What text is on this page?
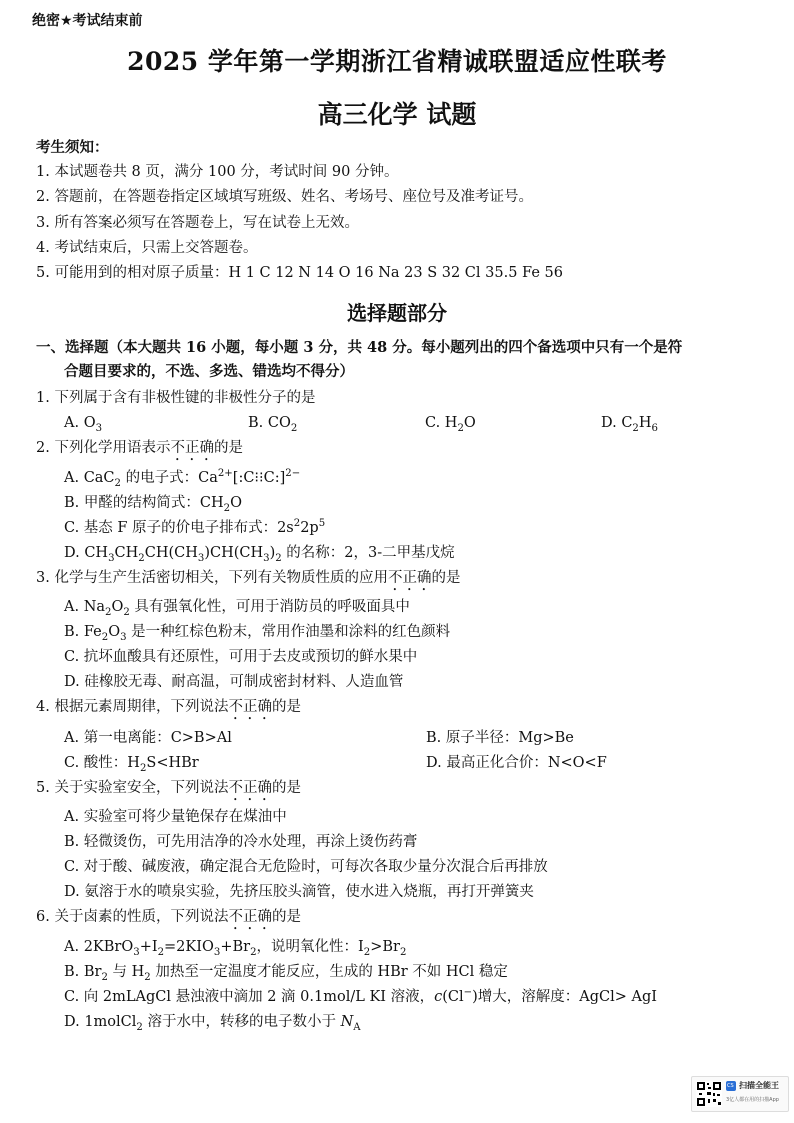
绝密★考试结束前
2025 学年第一学期浙江省精诚联盟适应性联考
高三化学 试题
考生须知：
1. 本试题卷共 8 页，满分 100 分，考试时间 90 分钟。
2. 答题前，在答题卷指定区域填写班级、姓名、考场号、座位号及准考证号。
3. 所有答案必须写在答题卷上，写在试卷上无效。
4. 考试结束后，只需上交答题卷。
5. 可能用到的相对原子质量：H 1 C 12 N 14 O 16 Na 23 S 32 Cl 35.5 Fe 56
选择题部分
一、选择题（本大题共 16 小题，每小题 3 分，共 48 分。每小题列出的四个备选项中只有一个是符
合题目要求的，不选、多选、错选均不得分）
1. 下列属于含有非极性键的非极性分子的是
A. $O_3$	B. $CO_2$	C. $H_2O$	D. $C_2H_6$
2. 下列化学用语表示不正确的是
A. CaC$_2$ 的电子式：$Ca^{2+}[:C⁝⁝C:]^{2-}$
B. 甲醛的结构简式：$CH_2O$
C. 基态 F 原子的价电子排布式：$2s^22p^5$
D. $CH_3CH_2CH(CH_3)CH(CH_3)_2$ 的名称：2，3-二甲基戊烷
3. 化学与生产生活密切相关，下列有关物质性质的应用不正确的是
A. $Na_2O_2$ 具有强氧化性，可用于消防员的呼吸面具中
B. $Fe_2O_3$ 是一种红棕色粉末，常用作油墨和涂料的红色颜料
C. 抗坏血酸具有还原性，可用于去皮或预切的鲜水果中
D. 硅橡胶无毒、耐高温，可制成密封材料、人造血管
4. 根据元素周期律，下列说法不正确的是
A. 第一电离能：C>B>Al	B. 原子半径：Mg>Be
C. 酸性：$H_2S<HBr$	D. 最高正化合价：N<O<F
5. 关于实验室安全，下列说法不正确的是
A. 实验室可将少量铯保存在煤油中
B. 轻微烫伤，可先用洁净的冷水处理，再涂上烫伤药膏
C. 对于酸、碱废液，确定混合无危险时，可每次各取少量分次混合后再排放
D. 氨溶于水的喷泉实验，先挤压胶头滴管，使水进入烧瓶，再打开弹簧夹
6. 关于卤素的性质，下列说法不正确的是
A. $2KBrO_3+I_2=2KIO_3+Br_2$，说明氧化性：$I_2>Br_2$
B. $Br_2$ 与 $H_2$ 加热至一定温度才能反应，生成的 HBr 不如 HCl 稳定
C. 向 2mLAgCl 悬浊液中滴加 2 滴 0.1mol/L KI 溶液，c(Cl−)增大，溶解度：AgCl> AgI
D. 1molCl$_2$ 溶于水中，转移的电子数小于 $N_A$
CS 扫描全能王
3亿人都在用的扫描App
